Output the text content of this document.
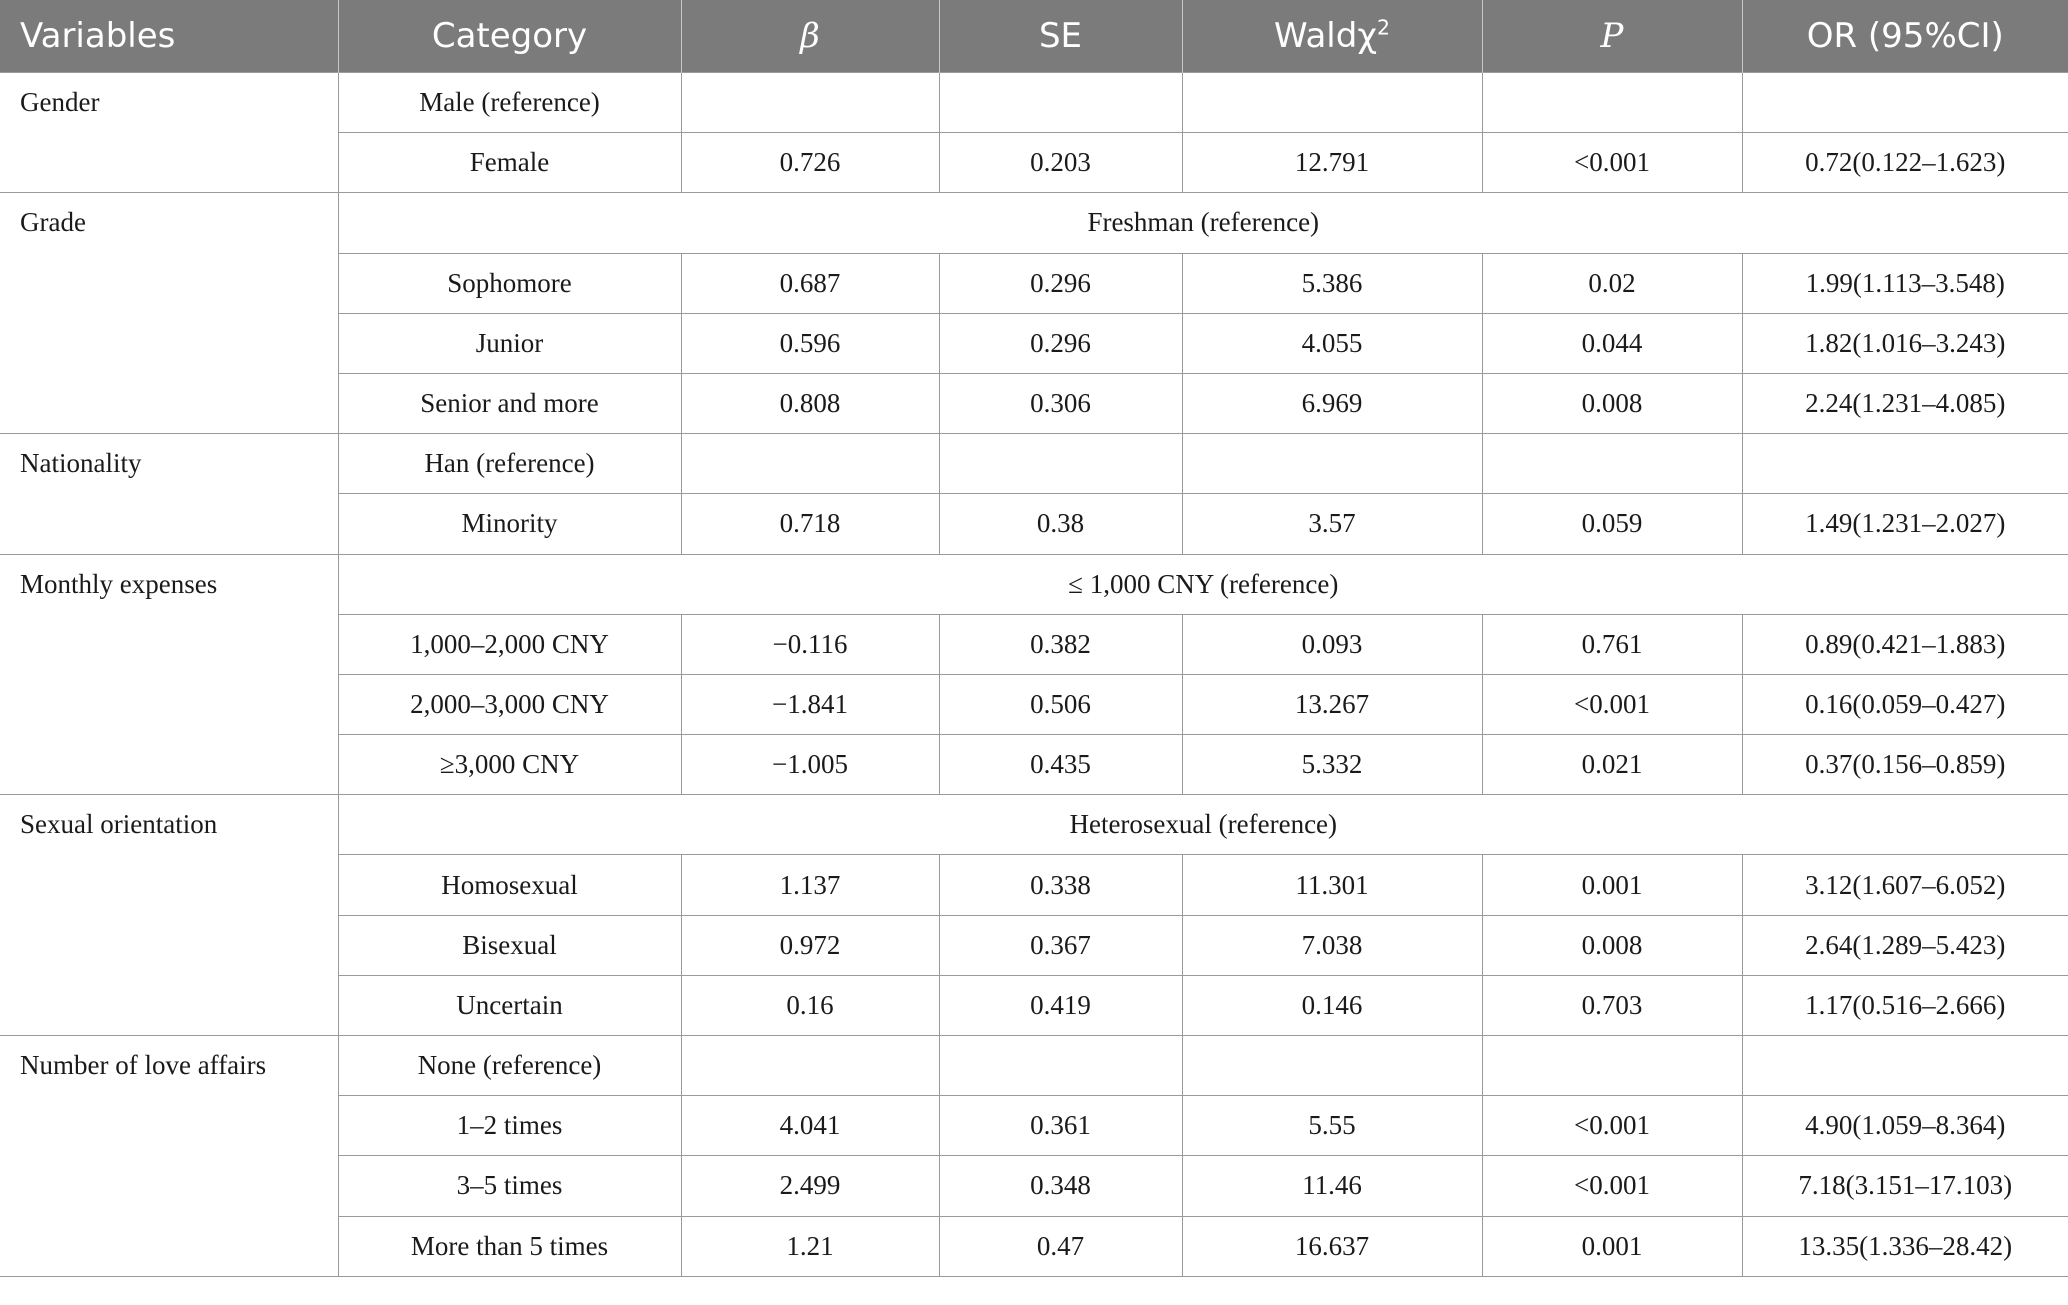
Variables	Category	β	SE	Waldχ$^2$	P	OR (95%CI)
Gender	Male (reference)					
	Female	0.726	0.203	12.791	<0.001	0.72(0.122–1.623)
Grade	Freshman (reference)					
	Sophomore	0.687	0.296	5.386	0.02	1.99(1.113–3.548)
	Junior	0.596	0.296	4.055	0.044	1.82(1.016–3.243)
	Senior and more	0.808	0.306	6.969	0.008	2.24(1.231–4.085)
Nationality	Han (reference)					
	Minority	0.718	0.38	3.57	0.059	1.49(1.231–2.027)
Monthly expenses	≤ 1,000 CNY (reference)					
	1,000–2,000 CNY	−0.116	0.382	0.093	0.761	0.89(0.421–1.883)
	2,000–3,000 CNY	−1.841	0.506	13.267	<0.001	0.16(0.059–0.427)
	≥3,000 CNY	−1.005	0.435	5.332	0.021	0.37(0.156–0.859)
Sexual orientation	Heterosexual (reference)					
	Homosexual	1.137	0.338	11.301	0.001	3.12(1.607–6.052)
	Bisexual	0.972	0.367	7.038	0.008	2.64(1.289–5.423)
	Uncertain	0.16	0.419	0.146	0.703	1.17(0.516–2.666)
Number of love affairs	None (reference)					
	1–2 times	4.041	0.361	5.55	<0.001	4.90(1.059–8.364)
	3–5 times	2.499	0.348	11.46	<0.001	7.18(3.151–17.103)
	More than 5 times	1.21	0.47	16.637	0.001	13.35(1.336–28.42)
